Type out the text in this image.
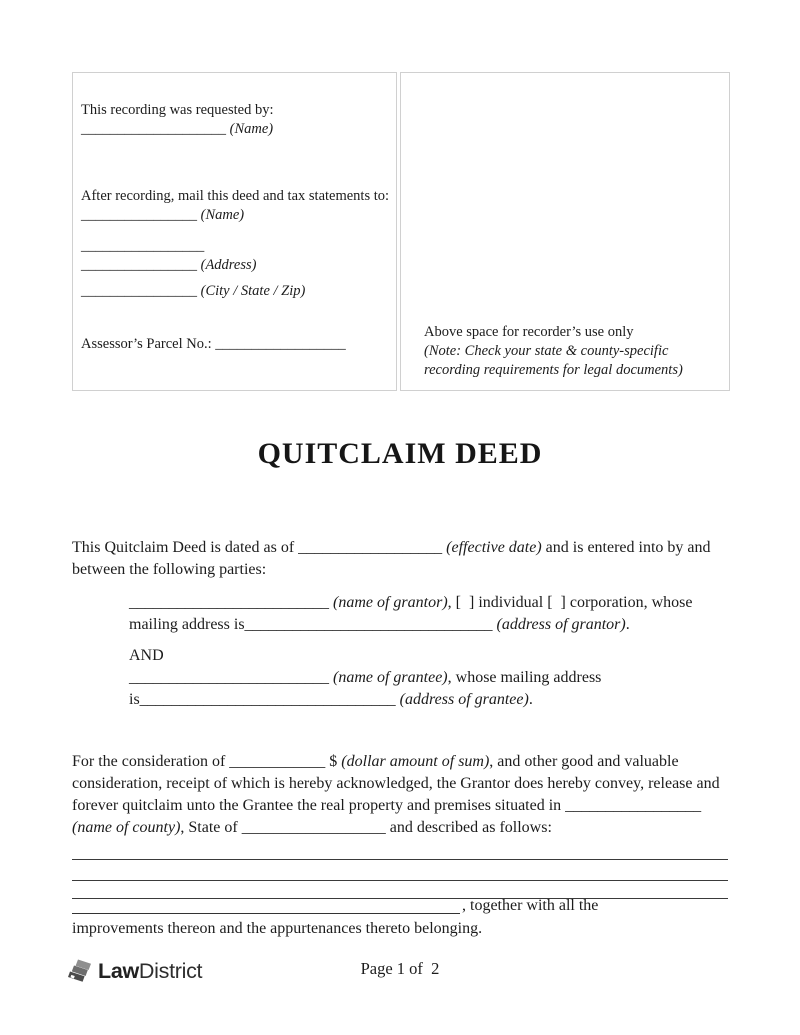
This recording was requested by:
____________________ (Name)
After recording, mail this deed and tax statements to:
________________ (Name)
_________________
________________ (Address)
________________ (City / State / Zip)
Assessor’s Parcel No.: __________________
Above space for recorder’s use only
(Note: Check your state & county-specific recording requirements for legal documents)
QUITCLAIM DEED
This Quitclaim Deed is dated as of __________________ (effective date) and is entered into by and between the following parties:
_________________________ (name of grantor), [  ] individual [  ] corporation, whose mailing address is_______________________________ (address of grantor).
AND
_________________________ (name of grantee), whose mailing address is________________________________ (address of grantee).
For the consideration of ____________ $ (dollar amount of sum), and other good and valuable consideration, receipt of which is hereby acknowledged, the Grantor does hereby convey, release and forever quitclaim unto the Grantee the real property and premises situated in _________________ (name of county), State of __________________ and described as follows:
, together with all the
improvements thereon and the appurtenances thereto belonging.
Law District	Page 1 of  2
